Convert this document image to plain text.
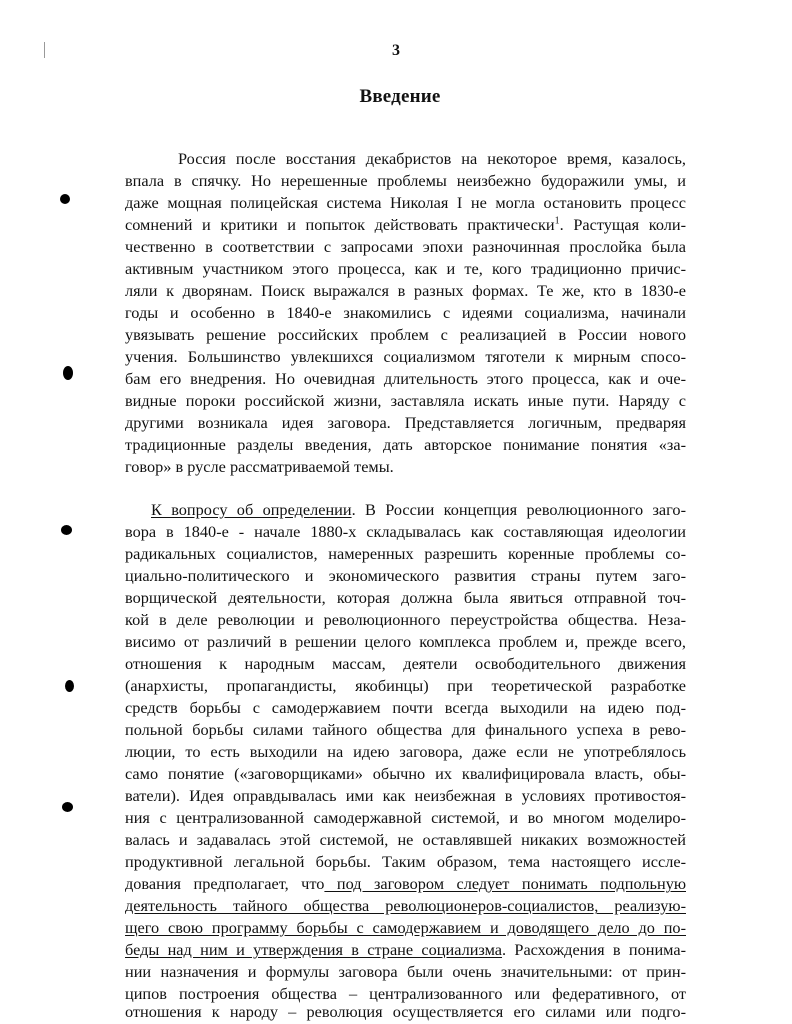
3
Введение
Россия после восстания декабристов на некоторое время, казалось,
впала в спячку. Но нерешенные проблемы неизбежно будоражили умы, и
даже мощная полицейская система Николая I не могла остановить процесс
сомнений и критики и попыток действовать практически$^1$. Растущая коли-
чественно в соответствии с запросами эпохи разночинная прослойка была
активным участником этого процесса, как и те, кого традиционно причис-
ляли к дворянам. Поиск выражался в разных формах. Те же, кто в 1830-е
годы и особенно в 1840-е знакомились с идеями социализма, начинали
увязывать решение российских проблем с реализацией в России нового
учения. Большинство увлекшихся социализмом тяготели к мирным спосо-
бам его внедрения. Но очевидная длительность этого процесса, как и оче-
видные пороки российской жизни, заставляла искать иные пути. Наряду с
другими возникала идея заговора. Представляется логичным, предваряя
традиционные разделы введения, дать авторское понимание понятия «за-
говор» в русле рассматриваемой темы.
К вопросу об определении. В России концепция революционного заго-
вора в 1840-е - начале 1880-х складывалась как составляющая идеологии
радикальных социалистов, намеренных разрешить коренные проблемы со-
циально-политического и экономического развития страны путем заго-
ворщической деятельности, которая должна была явиться отправной точ-
кой в деле революции и революционного переустройства общества. Неза-
висимо от различий в решении целого комплекса проблем и, прежде всего,
отношения к народным массам, деятели освободительного движения
(анархисты, пропагандисты, якобинцы) при теоретической разработке
средств борьбы с самодержавием почти всегда выходили на идею под-
польной борьбы силами тайного общества для финального успеха в рево-
люции, то есть выходили на идею заговора, даже если не употреблялось
само понятие («заговорщиками» обычно их квалифицировала власть, обы-
ватели). Идея оправдывалась ими как неизбежная в условиях противостоя-
ния с централизованной самодержавной системой, и во многом моделиро-
валась и задавалась этой системой, не оставлявшей никаких возможностей
продуктивной легальной борьбы. Таким образом, тема настоящего иссле-
дования предполагает, что под заговором следует понимать подпольную
деятельность тайного общества революционеров-социалистов, реализую-
щего свою программу борьбы с самодержавием и доводящего дело до по-
беды над ним и утверждения в стране социализма. Расхождения в понима-
нии назначения и формулы заговора были очень значительными: от прин-
ципов построения общества – централизованного или федеративного, от
отношения к народу – революция осуществляется его силами или подго-
